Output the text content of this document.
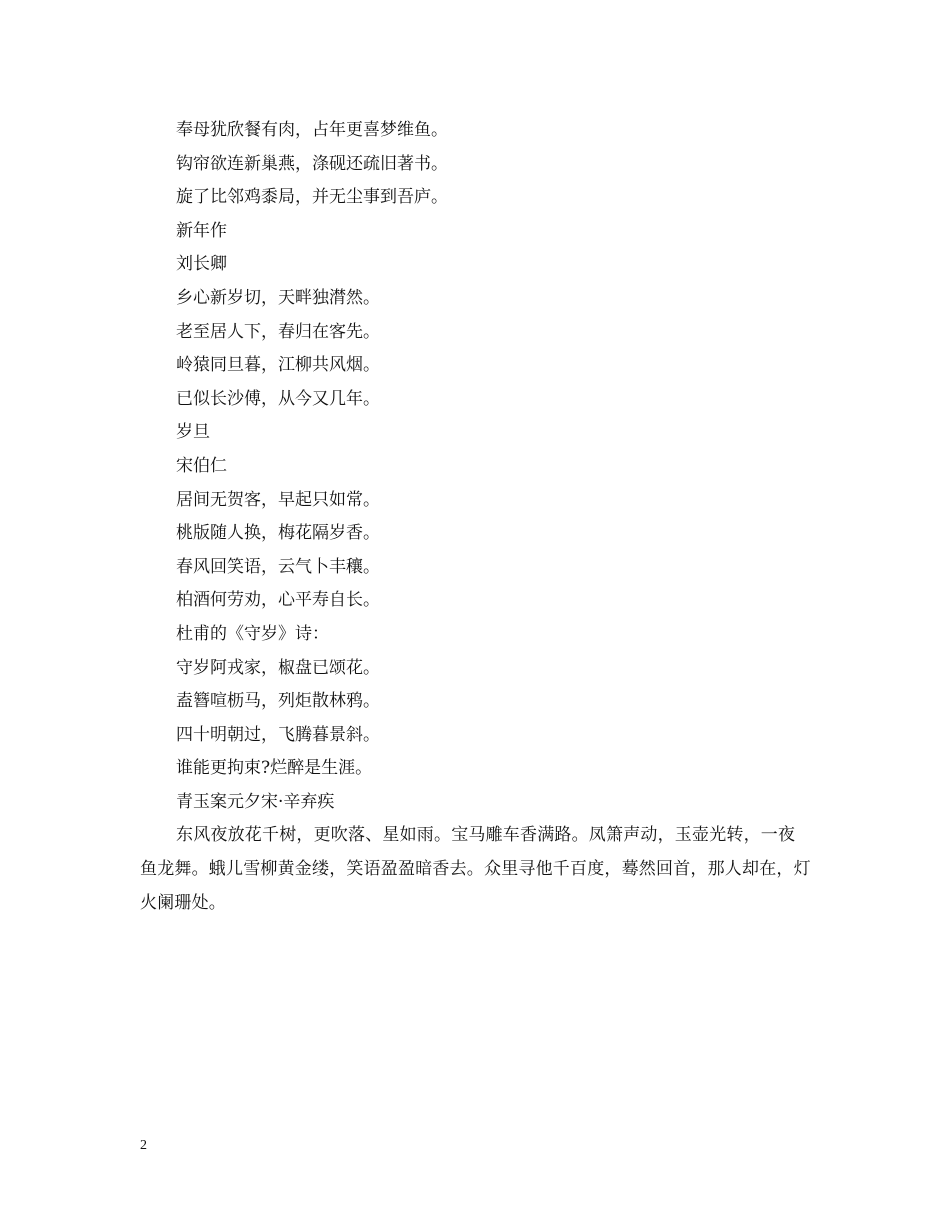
奉母犹欣餐有肉，占年更喜梦维鱼。
钩帘欲连新巢燕，涤砚还疏旧著书。
旋了比邻鸡黍局，并无尘事到吾庐。
新年作
刘长卿
乡心新岁切，天畔独潸然。
老至居人下，春归在客先。
岭猿同旦暮，江柳共风烟。
已似长沙傅，从今又几年。
岁旦
宋伯仁
居间无贺客，早起只如常。
桃版随人换，梅花隔岁香。
春风回笑语，云气卜丰穰。
柏酒何劳劝，心平寿自长。
杜甫的《守岁》诗：
守岁阿戎家，椒盘已颂花。
盍簪喧枥马，列炬散林鸦。
四十明朝过，飞腾暮景斜。
谁能更拘束?烂醉是生涯。
青玉案元夕宋·辛弃疾

东风夜放花千树，更吹落、星如雨。宝马雕车香满路。凤箫声动，玉壶光转，一夜鱼龙舞。蛾儿雪柳黄金缕，笑语盈盈暗香去。众里寻他千百度，蓦然回首，那人却在，灯火阑珊处。

2
